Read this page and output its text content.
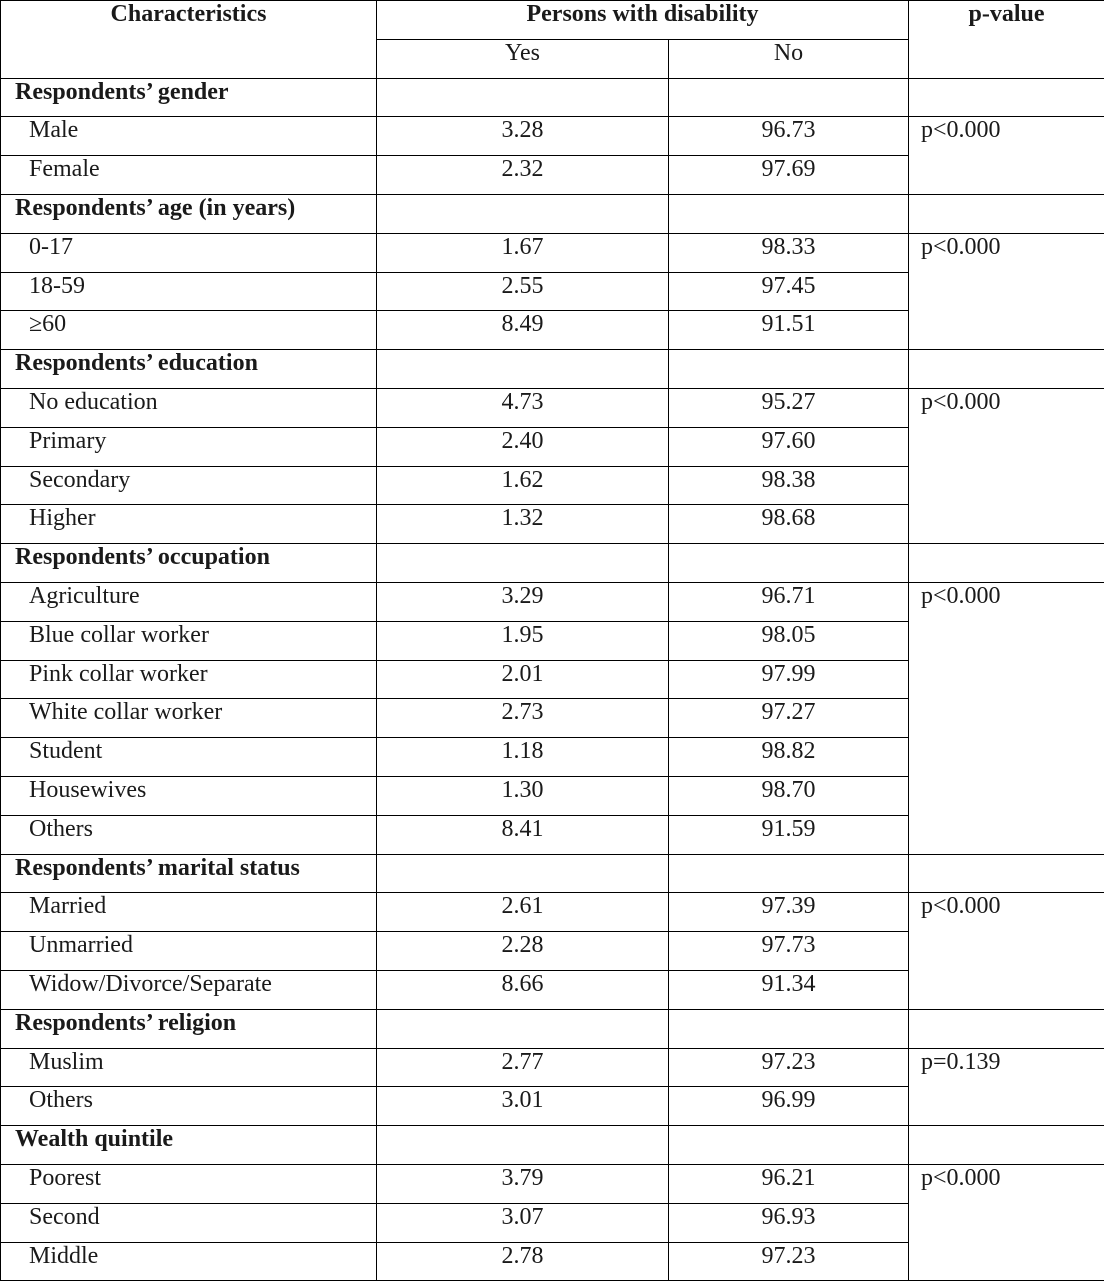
Characteristics	Persons with disability		p-value
	Yes	No	
Respondents’ gender			
Male	3.28	96.73	p<0.000
Female	2.32	97.69	
Respondents’ age (in years)			
0-17	1.67	98.33	p<0.000
18-59	2.55	97.45	
≥60	8.49	91.51	
Respondents’ education			
No education	4.73	95.27	p<0.000
Primary	2.40	97.60	
Secondary	1.62	98.38	
Higher	1.32	98.68	
Respondents’ occupation			
Agriculture	3.29	96.71	p<0.000
Blue collar worker	1.95	98.05	
Pink collar worker	2.01	97.99	
White collar worker	2.73	97.27	
Student	1.18	98.82	
Housewives	1.30	98.70	
Others	8.41	91.59	
Respondents’ marital status			
Married	2.61	97.39	p<0.000
Unmarried	2.28	97.73	
Widow/Divorce/Separate	8.66	91.34	
Respondents’ religion			
Muslim	2.77	97.23	p=0.139
Others	3.01	96.99	
Wealth quintile			
Poorest	3.79	96.21	p<0.000
Second	3.07	96.93	
Middle	2.78	97.23	
